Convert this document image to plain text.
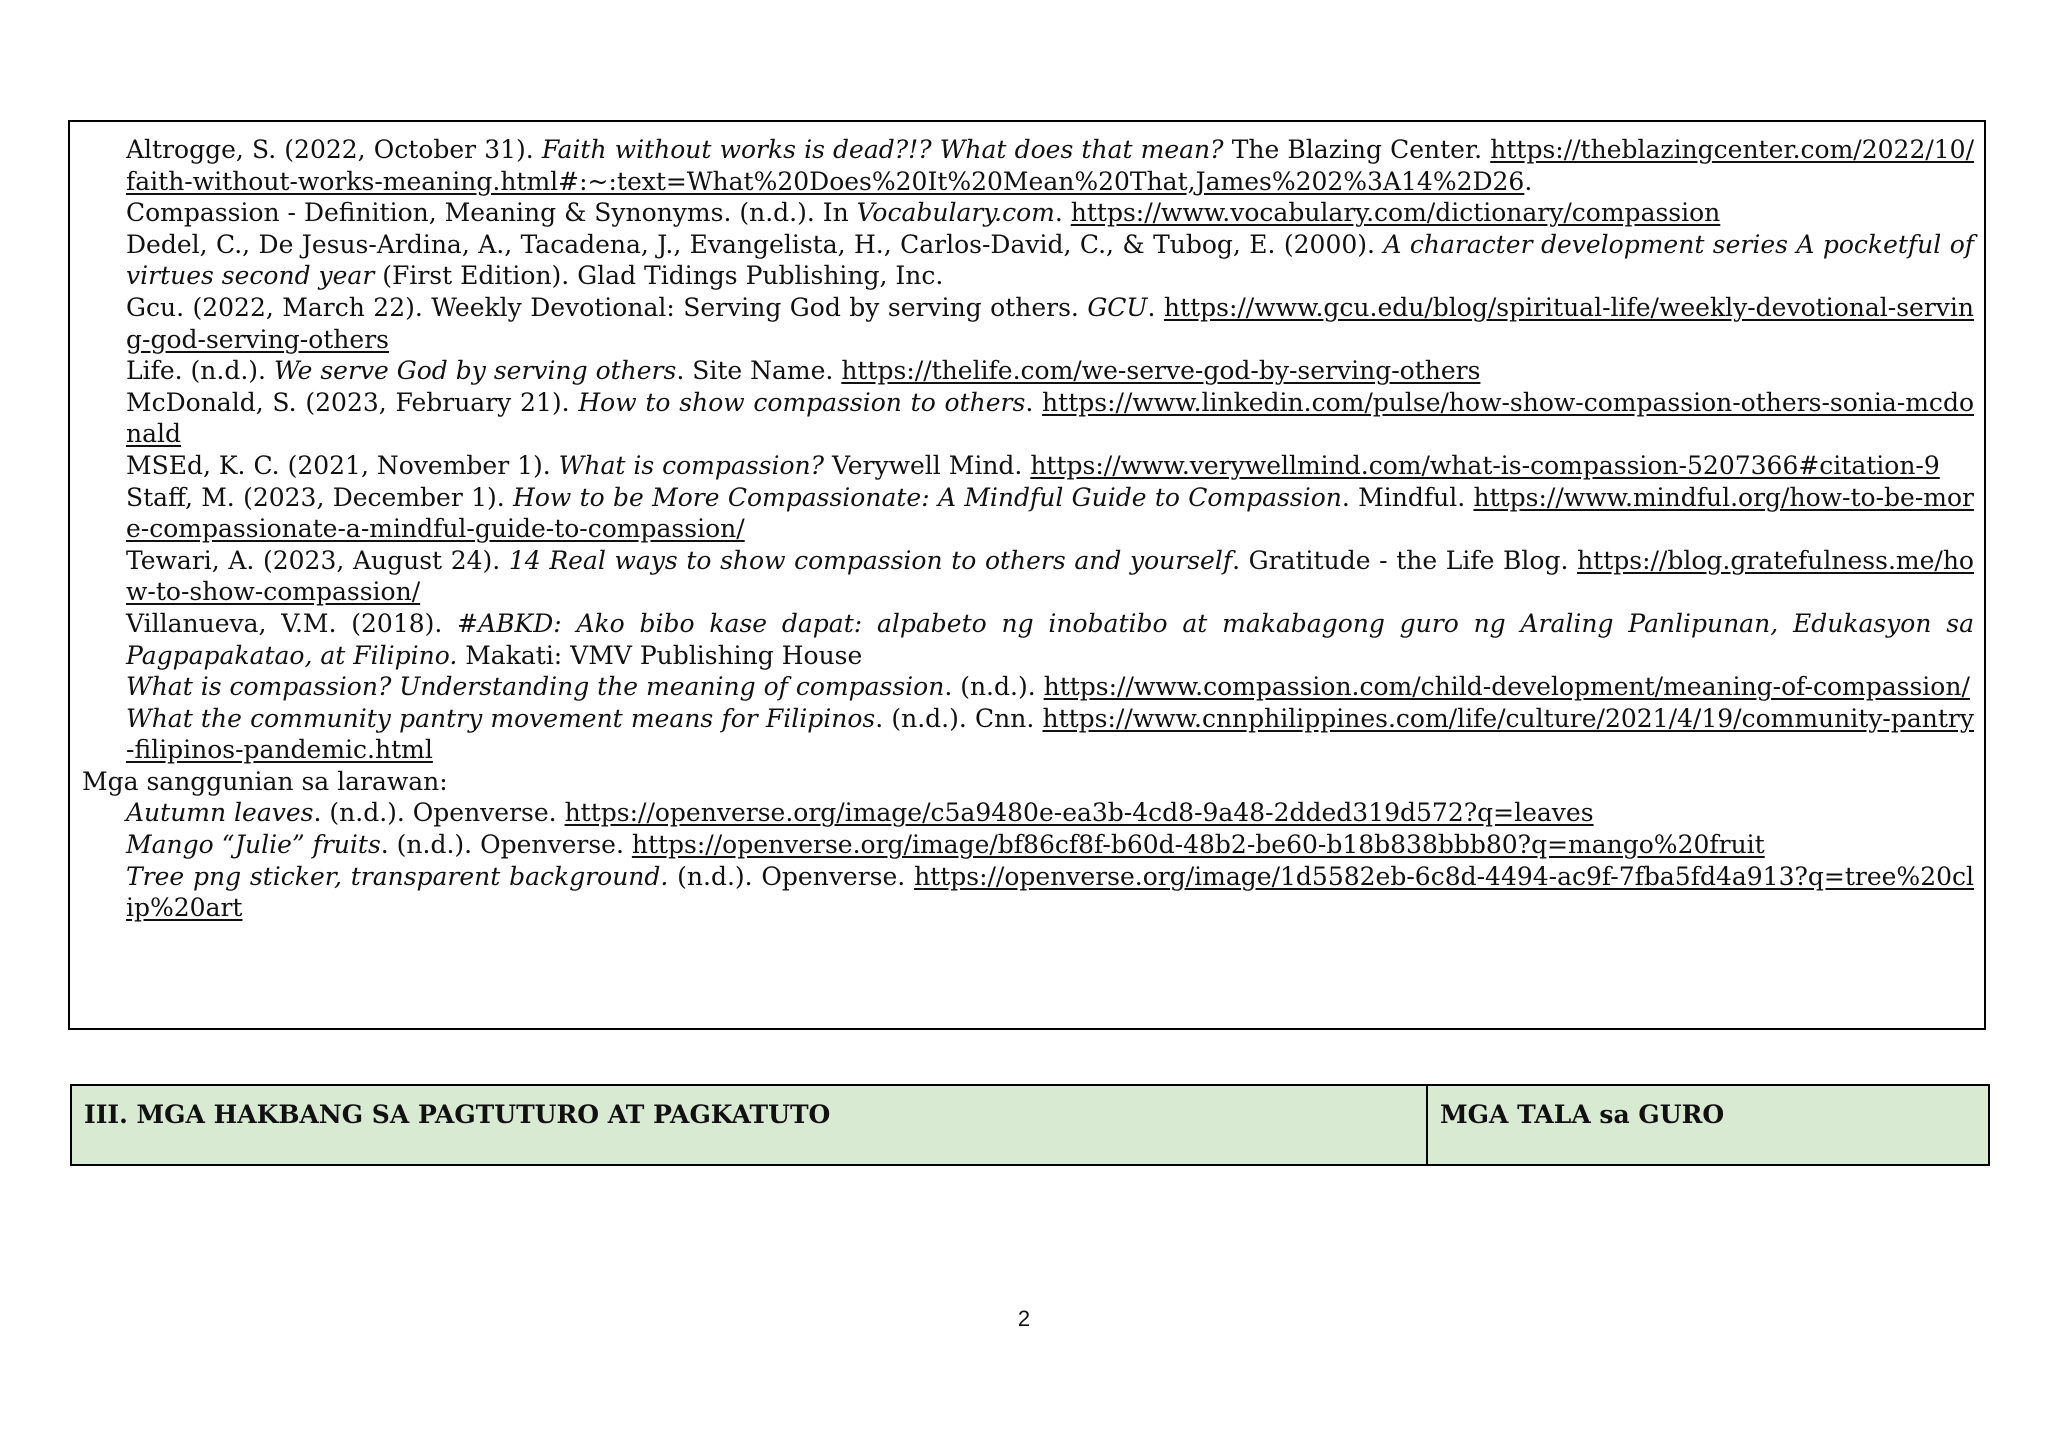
Altrogge, S. (2022, October 31). Faith without works is dead?!? What does that mean? The Blazing Center. https://theblazingcenter.com/2022/10/faith-without-works-meaning.html#:~:text=What%20Does%20It%20Mean%20That,James%202%3A14%2D26.

Compassion - Definition, Meaning & Synonyms. (n.d.). In Vocabulary.com. https://www.vocabulary.com/dictionary/compassion

Dedel, C., De Jesus-Ardina, A., Tacadena, J., Evangelista, H., Carlos-David, C., & Tubog, E. (2000). A character development series A pocketful of virtues second year (First Edition). Glad Tidings Publishing, Inc.

Gcu. (2022, March 22). Weekly Devotional: Serving God by serving others. GCU. https://www.gcu.edu/blog/spiritual-life/weekly-devotional-serving-god-serving-others

Life. (n.d.). We serve God by serving others. Site Name. https://thelife.com/we-serve-god-by-serving-others

McDonald, S. (2023, February 21). How to show compassion to others. https://www.linkedin.com/pulse/how-show-compassion-others-sonia-mcdonald

MSEd, K. C. (2021, November 1). What is compassion? Verywell Mind. https://www.verywellmind.com/what-is-compassion-5207366#citation-9

Staff, M. (2023, December 1). How to be More Compassionate: A Mindful Guide to Compassion. Mindful. https://www.mindful.org/how-to-be-more-compassionate-a-mindful-guide-to-compassion/

Tewari, A. (2023, August 24). 14 Real ways to show compassion to others and yourself. Gratitude - the Life Blog. https://blog.gratefulness.me/how-to-show-compassion/

Villanueva, V.M. (2018). #ABKD: Ako bibo kase dapat: alpabeto ng inobatibo at makabagong guro ng Araling Panlipunan, Edukasyon sa Pagpapakatao, at Filipino. Makati: VMV Publishing House

What is compassion? Understanding the meaning of compassion. (n.d.). https://www.compassion.com/child-development/meaning-of-compassion/

What the community pantry movement means for Filipinos. (n.d.). Cnn. https://www.cnnphilippines.com/life/culture/2021/4/19/community-pantry-filipinos-pandemic.html

Mga sanggunian sa larawan:

Autumn leaves. (n.d.). Openverse. https://openverse.org/image/c5a9480e-ea3b-4cd8-9a48-2dded319d572?q=leaves

Mango “Julie” fruits. (n.d.). Openverse. https://openverse.org/image/bf86cf8f-b60d-48b2-be60-b18b838bbb80?q=mango%20fruit

Tree png sticker, transparent background. (n.d.). Openverse. https://openverse.org/image/1d5582eb-6c8d-4494-ac9f-7fba5fd4a913?q=tree%20clip%20art

III. MGA HAKBANG SA PAGTUTURO AT PAGKATUTO	MGA TALA sa GURO
2
